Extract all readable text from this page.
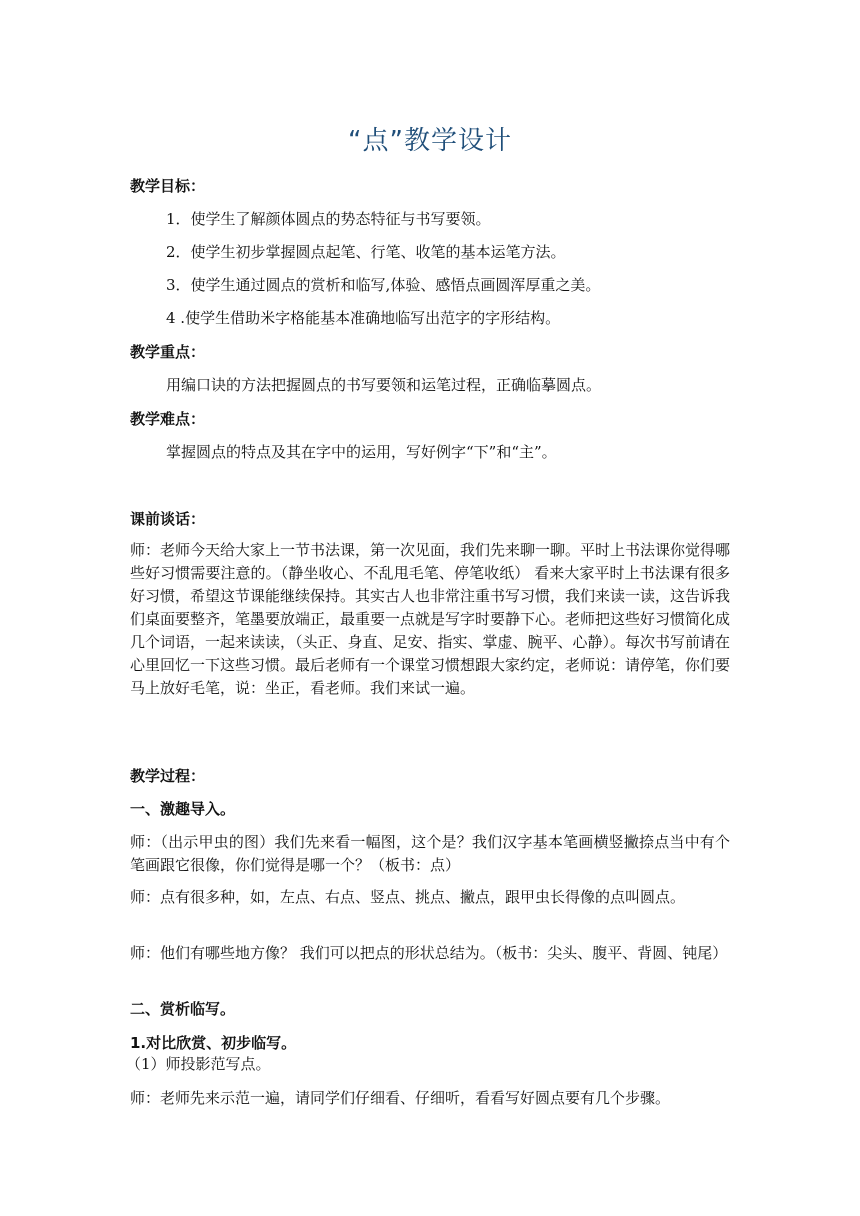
“点”教学设计
教学目标：
1．使学生了解颜体圆点的势态特征与书写要领。
2．使学生初步掌握圆点起笔、行笔、收笔的基本运笔方法。
3．使学生通过圆点的赏析和临写,体验、感悟点画圆浑厚重之美。
4 .使学生借助米字格能基本准确地临写出范字的字形结构。
教学重点：
用编口诀的方法把握圆点的书写要领和运笔过程，正确临摹圆点。
教学难点：
掌握圆点的特点及其在字中的运用，写好例字“下”和“主”。
课前谈话：
师：老师今天给大家上一节书法课，第一次见面，我们先来聊一聊。平时上书法课你觉得哪些好习惯需要注意的。（静坐收心、不乱甩毛笔、停笔收纸） 看来大家平时上书法课有很多好习惯，希望这节课能继续保持。其实古人也非常注重书写习惯，我们来读一读，这告诉我们桌面要整齐，笔墨要放端正，最重要一点就是写字时要静下心。老师把这些好习惯简化成几个词语，一起来读读，（头正、身直、足安、指实、掌虚、腕平、心静）。每次书写前请在心里回忆一下这些习惯。最后老师有一个课堂习惯想跟大家约定，老师说：请停笔，你们要马上放好毛笔，说：坐正，看老师。我们来试一遍。
教学过程：
一、激趣导入。
师：（出示甲虫的图）我们先来看一幅图，这个是？我们汉字基本笔画横竖撇捺点当中有个笔画跟它很像，你们觉得是哪一个？（板书：点）
师：点有很多种，如，左点、右点、竖点、挑点、撇点，跟甲虫长得像的点叫圆点。
师：他们有哪些地方像？ 我们可以把点的形状总结为。（板书：尖头、腹平、背圆、钝尾）
二、赏析临写。
1.对比欣赏、初步临写。
（1）师投影范写点。
师：老师先来示范一遍，请同学们仔细看、仔细听，看看写好圆点要有几个步骤。
